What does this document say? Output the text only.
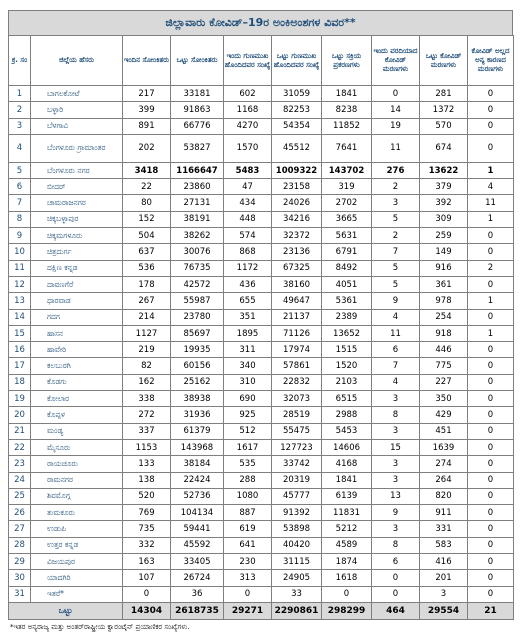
ಜಿಲ್ಲಾವಾರು ಕೋವಿಡ್–19ರ ಅಂಕಿಅಂಶಗಳ ವಿವರ**
ಕ್ರ. ಸಂ	ಜಿಲ್ಲೆಯ ಹೆಸರು	ಇಂದಿನ ಸೋಂಕಿತರು	ಒಟ್ಟು ಸೋಂಕಿತರು	ಇಂದು ಗುಣಮುಖ ಹೊಂದಿದವರ ಸಂಖ್ಯೆ	ಒಟ್ಟು ಗುಣಮುಖ ಹೊಂದಿದವರ ಸಂಖ್ಯೆ	ಒಟ್ಟು ಸಕ್ರಿಯ ಪ್ರಕರಣಗಳು	ಇಂದು ವರದಿಯಾದ ಕೋವಿಡ್ ಮರಣಗಳು	ಒಟ್ಟು ಕೋವಿಡ್ ಮರಣಗಳು	ಕೋವಿಡ್ ಅಲ್ಲದ ಅನ್ಯ ಕಾರಣದ ಮರಣಗಳು
1	ಬಾಗಲಕೋಟೆ	217	33181	602	31059	1841	0	281	0
2	ಬಳ್ಳಾರಿ	399	91863	1168	82253	8238	14	1372	0
3	ಬೆಳಗಾವಿ	891	66776	4270	54354	11852	19	570	0
4	ಬೆಂಗಳೂರು ಗ್ರಾಮಾಂತರ	202	53827	1570	45512	7641	11	674	0
5	ಬೆಂಗಳೂರು ನಗರ	3418	1166647	5483	1009322	143702	276	13622	1
6	ಬೀದರ್	22	23860	47	23158	319	2	379	4
7	ಚಾಮರಾಜನಗರ	80	27131	434	24026	2702	3	392	11
8	ಚಿಕ್ಕಬಳ್ಳಾಪುರ	152	38191	448	34216	3665	5	309	1
9	ಚಿಕ್ಕಮಗಳೂರು	504	38262	574	32372	5631	2	259	0
10	ಚಿತ್ರದುರ್ಗ	637	30076	868	23136	6791	7	149	0
11	ದಕ್ಷಿಣ ಕನ್ನಡ	536	76735	1172	67325	8492	5	916	2
12	ದಾವಣಗೆರೆ	178	42572	436	38160	4051	5	361	0
13	ಧಾರವಾಡ	267	55987	655	49647	5361	9	978	1
14	ಗದಗ	214	23780	351	21137	2389	4	254	0
15	ಹಾಸನ	1127	85697	1895	71126	13652	11	918	1
16	ಹಾವೇರಿ	219	19935	311	17974	1515	6	446	0
17	ಕಲಬುರಗಿ	82	60156	340	57861	1520	7	775	0
18	ಕೊಡಗು	162	25162	310	22832	2103	4	227	0
19	ಕೋಲಾರ	338	38938	690	32073	6515	3	350	0
20	ಕೊಪ್ಪಳ	272	31936	925	28519	2988	8	429	0
21	ಮಂಡ್ಯ	337	61379	512	55475	5453	3	451	0
22	ಮೈಸೂರು	1153	143968	1617	127723	14606	15	1639	0
23	ರಾಯಚೂರು	133	38184	535	33742	4168	3	274	0
24	ರಾಮನಗರ	138	22424	288	20319	1841	3	264	0
25	ಶಿವಮೊಗ್ಗ	520	52736	1080	45777	6139	13	820	0
26	ತುಮಕೂರು	769	104134	887	91392	11831	9	911	0
27	ಉಡುಪಿ	735	59441	619	53898	5212	3	331	0
28	ಉತ್ತರ ಕನ್ನಡ	332	45592	641	40420	4589	8	583	0
29	ವಿಜಯಪುರ	163	33405	230	31115	1874	6	416	0
30	ಯಾದಗಿರಿ	107	26724	313	24905	1618	0	201	0
31	ಇತರೆ*	0	36	0	33	0	0	3	0
ಒಟ್ಟು		14304	2618735	29271	2290861	298299	464	29554	21
*ಇತರ ಅನ್ಯರಾಜ್ಯ ಮತ್ತು ಅಂತರ್‌ರಾಷ್ಟ್ರೀಯ ಕ್ವಾರಂಟೈನ್ ಪ್ರಯಾಣಿಕರ ಸಂಖ್ಯೆಗಳು.
